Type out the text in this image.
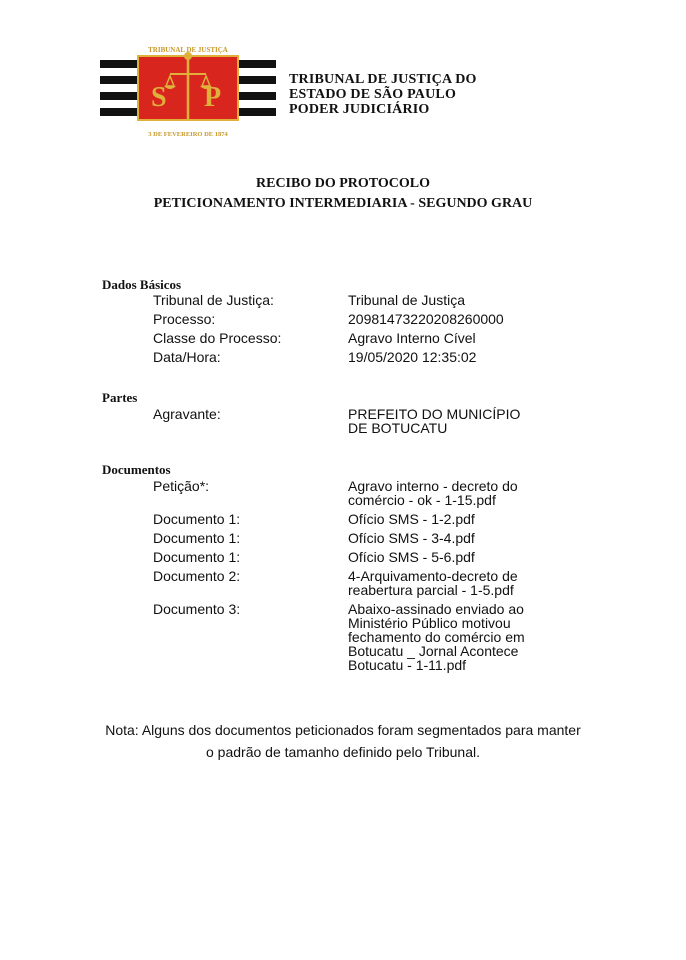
S P
TRIBUNAL DE JUSTIÇA
3 DE FEVEREIRO DE 1874
TRIBUNAL DE JUSTIÇA DO
ESTADO DE SÃO PAULO
PODER JUDICIÁRIO
RECIBO DO PROTOCOLO
PETICIONAMENTO INTERMEDIARIA - SEGUNDO GRAU
Dados Básicos
Tribunal de Justiça:	Tribunal de Justiça
Processo:	20981473220208260000
Classe do Processo:	Agravo Interno Cível
Data/Hora:	19/05/2020 12:35:02
Partes
Agravante:	PREFEITO DO MUNICÍPIO
DE BOTUCATU
Documentos
Petição*:	Agravo interno - decreto do
comércio - ok - 1-15.pdf
Documento 1:	Ofício SMS - 1-2.pdf
Documento 1:	Ofício SMS - 3-4.pdf
Documento 1:	Ofício SMS - 5-6.pdf
Documento 2:	4-Arquivamento-decreto de
reabertura parcial - 1-5.pdf
Documento 3:	Abaixo-assinado enviado ao
Ministério Público motivou
fechamento do comércio em
Botucatu _ Jornal Acontece
Botucatu - 1-11.pdf
Nota: Alguns dos documentos peticionados foram segmentados para manter
o padrão de tamanho definido pelo Tribunal.
